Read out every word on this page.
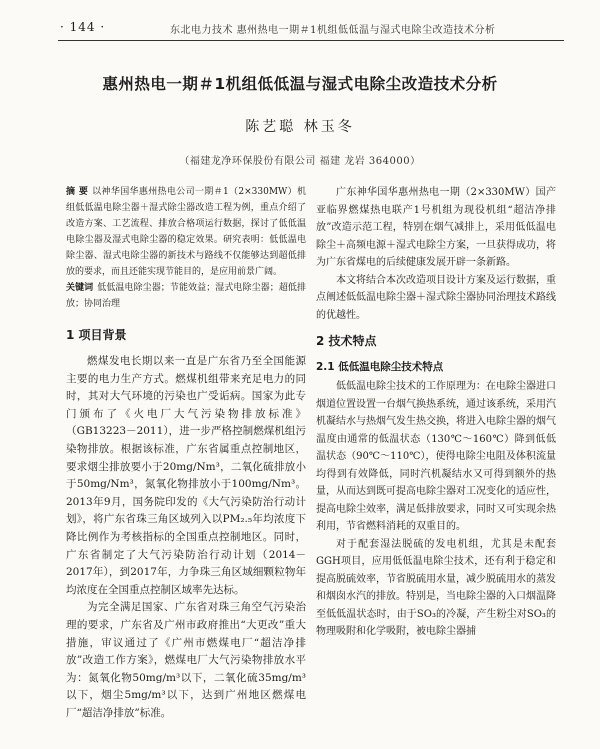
· 144 ·	东北电力技术 惠州热电一期＃1机组低低温与湿式电除尘改造技术分析
惠州热电一期＃1机组低低温与湿式电除尘改造技术分析
陈艺聪 林玉冬
（福建龙净环保股份有限公司 福建 龙岩 364000）

摘 要 以神华国华惠州热电公司一期＃1（2×330MW）机组低低温电除尘器＋湿式除尘器改造工程为例，重点介绍了改造方案、工艺流程、排放合格项运行数据，探讨了低低温电除尘器及湿式电除尘器的稳定效果。研究表明：低低温电除尘器、湿式电除尘器的新技术与路线不仅能够达到超低排放的要求，而且还能实现节能目的，是应用前景广阔。

关键词 低低温电除尘器；节能效益；湿式电除尘器；超低排放；协同治理

1 项目背景

燃煤发电长期以来一直是广东省乃至全国能源主要的电力生产方式。燃煤机组带来充足电力的同时，其对大气环境的污染也广受诟病。国家为此专门颁布了《火电厂大气污染物排放标准》（GB13223－2011），进一步严格控制燃煤机组污染物排放。根据该标准，广东省属重点控制地区，要求烟尘排放要小于20mg/Nm³，二氧化硫排放小于50mg/Nm³，氮氧化物排放小于100mg/Nm³。2013年9月，国务院印发的《大气污染防治行动计划》，将广东省珠三角区域列入以PM₂.₅年均浓度下降比例作为考核指标的全国重点控制地区。同时，广东省制定了大气污染防治行动计划（2014－2017年），到2017年，力争珠三角区域细颗粒物年均浓度在全国重点控制区域率先达标。

为完全满足国家、广东省对珠三角空气污染治理的要求，广东省及广州市政府推出“大更改”重大措施，审议通过了《广州市燃煤电厂“超洁净排放”改造工作方案》，燃煤电厂大气污染物排放水平为：氮氧化物50mg/m³以下，二氧化硫35mg/m³以下，烟尘5mg/m³以下，达到广州地区燃煤电厂“超洁净排放”标准。

广东神华国华惠州热电一期（2×330MW）国产亚临界燃煤热电联产1号机组为现役机组“超洁净排放”改造示范工程，特别在烟气减排上，采用低低温电除尘＋高频电源＋湿式电除尘方案，一旦获得成功，将为广东省煤电的后续健康发展开辟一条新路。

本文将结合本次改造项目设计方案及运行数据，重点阐述低低温电除尘器＋湿式除尘器协同治理技术路线的优越性。

2 技术特点
2.1 低低温电除尘技术特点

低低温电除尘技术的工作原理为：在电除尘器进口烟道位置设置一台烟气换热系统，通过该系统，采用汽机凝结水与热烟气发生热交换，将进入电除尘器的烟气温度由通常的低温状态（130℃～160℃）降到低低温状态（90℃～110℃），使得电除尘电阻及体积流量均得到有效降低，同时汽机凝结水又可得到额外的热量，从而达到既可提高电除尘器对工况变化的适应性，提高电除尘效率，满足低排放要求，同时又可实现余热利用，节省燃料消耗的双重目的。

对于配套湿法脱硫的发电机组，尤其是未配套GGH项目，应用低低温电除尘技术，还有利于稳定和提高脱硫效率，节省脱硫用水量，减少脱硫用水的蒸发和烟囱水汽的排放。特别是，当电除尘器的入口烟温降至低低温状态时，由于SO₃的冷凝，产生粉尘对SO₃的物理吸附和化学吸附，被电除尘器捕
